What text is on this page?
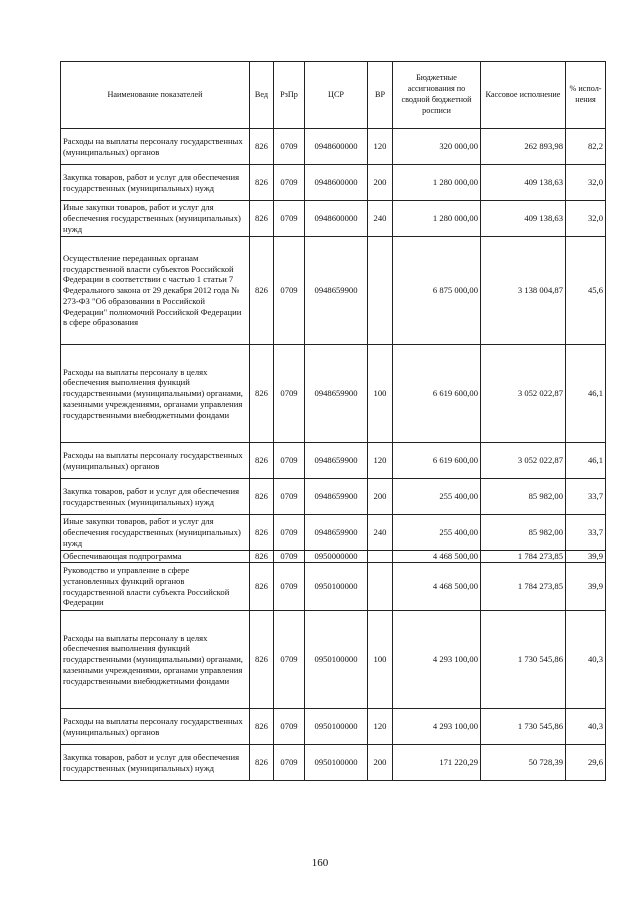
Наименование показателей	Вед	РзПр	ЦСР	ВР	Бюджетные ассигнования по сводной бюджетной росписи	Кассовое исполнение	% испол-нения
Расходы на выплаты персоналу государственных (муниципальных) органов	826	0709	0948600000	120	320 000,00	262 893,98	82,2
Закупка товаров, работ и услуг для обеспечения государственных (муниципальных) нужд	826	0709	0948600000	200	1 280 000,00	409 138,63	32,0
Иные закупки товаров, работ и услуг для обеспечения государственных (муниципальных) нужд	826	0709	0948600000	240	1 280 000,00	409 138,63	32,0
Осуществление переданных органам государственной власти субъектов Российской Федерации в соответствии с частью 1 статьи 7 Федерального закона от 29 декабря 2012 года № 273-ФЗ "Об образовании в Российской Федерации" полномочий Российской Федерации в сфере образования	826	0709	0948659900		6 875 000,00	3 138 004,87	45,6
Расходы на выплаты персоналу в целях обеспечения выполнения функций государственными (муниципальными) органами, казенными учреждениями, органами управления государственными внебюджетными фондами	826	0709	0948659900	100	6 619 600,00	3 052 022,87	46,1
Расходы на выплаты персоналу государственных (муниципальных) органов	826	0709	0948659900	120	6 619 600,00	3 052 022,87	46,1
Закупка товаров, работ и услуг для обеспечения государственных (муниципальных) нужд	826	0709	0948659900	200	255 400,00	85 982,00	33,7
Иные закупки товаров, работ и услуг для обеспечения государственных (муниципальных) нужд	826	0709	0948659900	240	255 400,00	85 982,00	33,7
Обеспечивающая подпрограмма	826	0709	0950000000		4 468 500,00	1 784 273,85	39,9
Руководство и управление в сфере установленных функций органов государственной власти субъекта Российской Федерации	826	0709	0950100000		4 468 500,00	1 784 273,85	39,9
Расходы на выплаты персоналу в целях обеспечения выполнения функций государственными (муниципальными) органами, казенными учреждениями, органами управления государственными внебюджетными фондами	826	0709	0950100000	100	4 293 100,00	1 730 545,86	40,3
Расходы на выплаты персоналу государственных (муниципальных) органов	826	0709	0950100000	120	4 293 100,00	1 730 545,86	40,3
Закупка товаров, работ и услуг для обеспечения государственных (муниципальных) нужд	826	0709	0950100000	200	171 220,29	50 728,39	29,6
160
